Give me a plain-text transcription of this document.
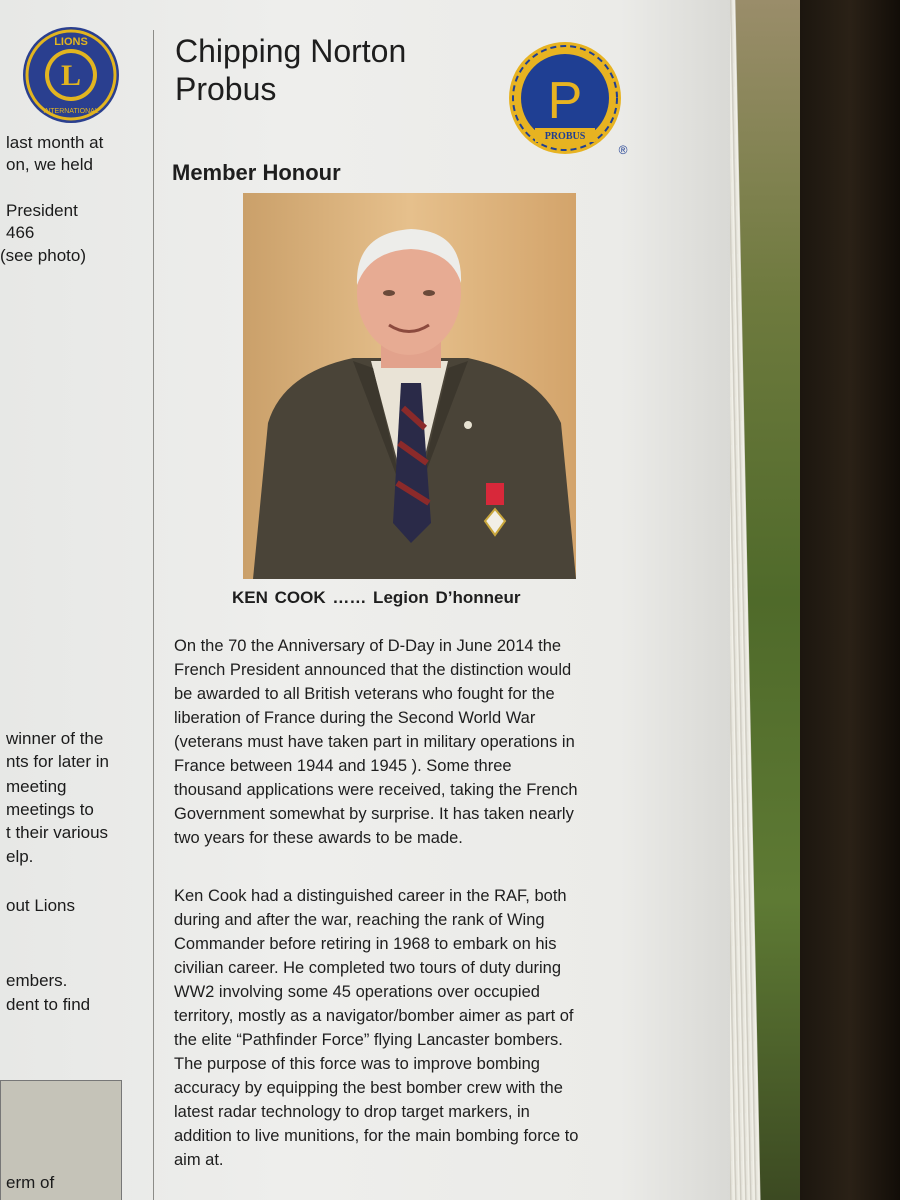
L
LIONS
INTERNATIONAL
last month at
on, we held
President
466
(see photo)
winner of the
nts for later in
meeting
meetings to
t their various
elp.
out Lions
embers.
dent to find
erm of
Chipping Norton
Probus
PROBUS
P
®
Member Honour
KEN COOK …… Legion D’honneur
On the 70 the Anniversary of D-Day in June 2014 the
French President announced that the distinction would
be awarded to all British veterans who fought for the
liberation of France during the Second World War
(veterans must have taken part in military operations in
France between 1944 and 1945 ). Some three
thousand applications were received, taking the French
Government somewhat by surprise. It has taken nearly
two years for these awards to be made.
Ken Cook had a distinguished career in the RAF, both
during and after the war, reaching the rank of Wing
Commander before retiring in 1968 to embark on his
civilian career. He completed two tours of duty during
WW2 involving some 45 operations over occupied
territory, mostly as a navigator/bomber aimer as part of
the elite “Pathfinder Force” flying Lancaster bombers.
The purpose of this force was to improve bombing
accuracy by equipping the best bomber crew with the
latest radar technology to drop target markers, in
addition to live munitions, for the main bombing force to
aim at.
